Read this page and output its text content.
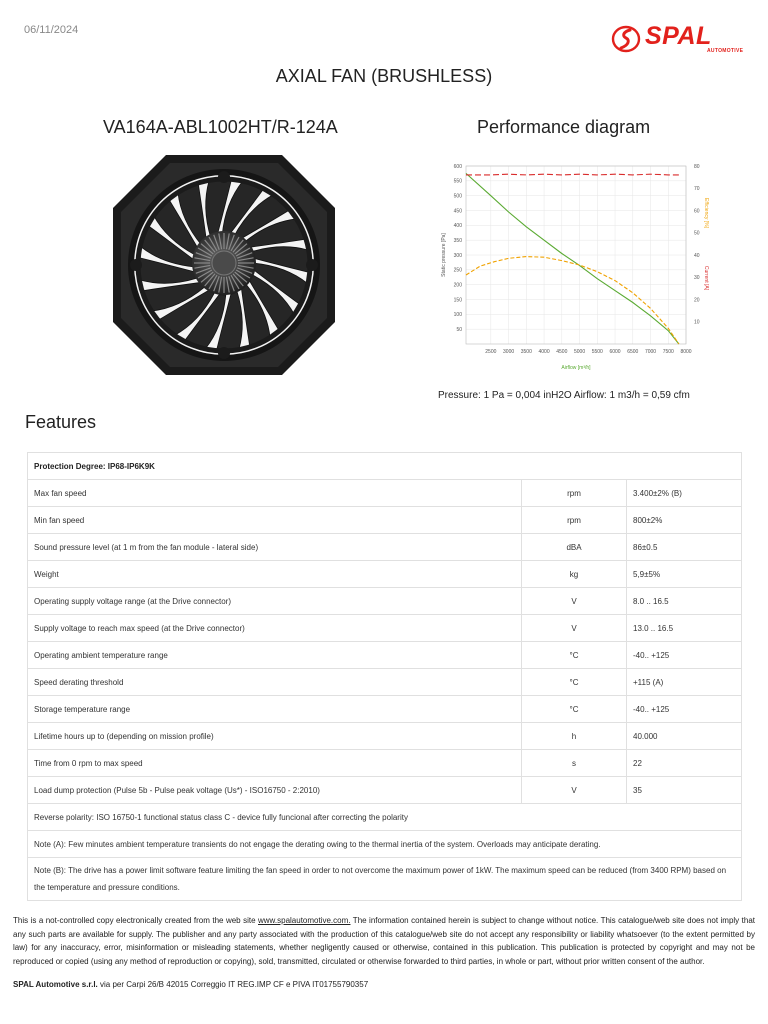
06/11/2024	SPAL
AUTOMOTIVE
AXIAL FAN (BRUSHLESS)
VA164A-ABL1002HT/R-124A	Performance diagram
2500 3000 3500 4000 4500 5000 5500 6000 6500 7000 7500 8000
50
100
150
200
250
300
350
400
450
500
550
600
10
20
30
40
50
60
70
80
Airflow [m³/h]
Static pressure [Pa]
Efficiency [%]
Current [A]
Pressure: 1 Pa = 0,004 inH2O Airflow: 1 m3/h = 0,59 cfm
Features
Protection Degree: IP68-IP6K9K		
Max fan speed	rpm	3.400±2% (B)
Min fan speed	rpm	800±2%
Sound pressure level (at 1 m from the fan module - lateral side)	dBA	86±0.5
Weight	kg	5,9±5%
Operating supply voltage range (at the Drive connector)	V	8.0 .. 16.5
Supply voltage to reach max speed (at the Drive connector)	V	13.0 .. 16.5
Operating ambient temperature range	°C	-40.. +125
Speed derating threshold	°C	+115 (A)
Storage temperature range	°C	-40.. +125
Lifetime hours up to (depending on mission profile)	h	40.000
Time from 0 rpm to max speed	s	22
Load dump protection (Pulse 5b - Pulse peak voltage (Us*) - ISO16750 - 2:2010)	V	35
Reverse polarity: ISO 16750-1 functional status class C - device fully funcional after correcting the polarity		
Note (A): Few minutes ambient temperature transients do not engage the derating owing to the thermal inertia of the system. Overloads may anticipate derating.		
Note (B): The drive has a power limit software feature limiting the fan speed in order to not overcome the maximum power of 1kW. The maximum speed can be reduced (from 3400 RPM) based on the temperature and pressure conditions.		
This is a not-controlled copy electronically created from the web site www.spalautomotive.com. The information contained herein is subject to change without notice. This catalogue/web site does not imply that any such parts are available for supply. The publisher and any party associated with the production of this catalogue/web site do not accept any responsibility or liability whatsoever (to the extent permitted by law) for any inaccuracy, error, misinformation or misleading statements, whether negligently caused or otherwise, contained in this publication. This publication is protected by copyright and may not be reproduced or copied (using any method of reproduction or copying), sold, transmitted, circulated or otherwise forwarded to third parties, in whole or part, without prior written consent of the author.
SPAL Automotive s.r.l. via per Carpi 26/B 42015 Correggio IT REG.IMP CF e PIVA IT01755790357
